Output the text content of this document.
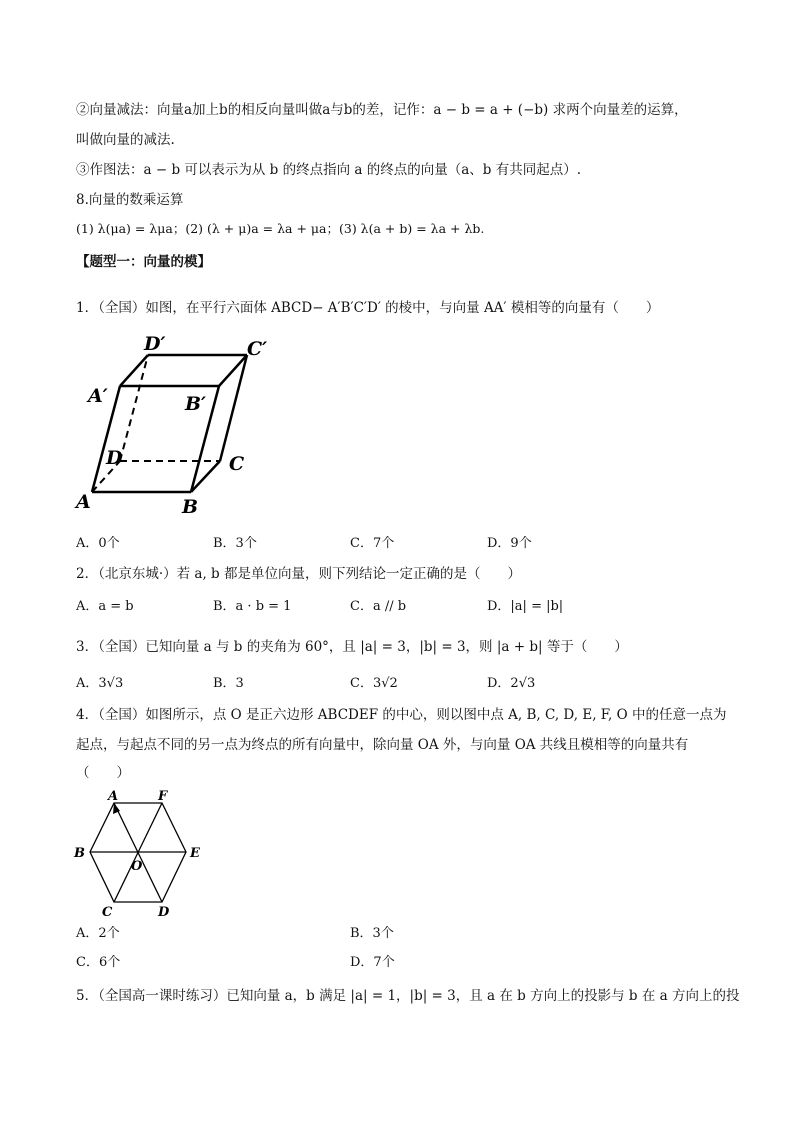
②向量减法：向量a加上b的相反向量叫做a与b的差，记作：a − b = a + (−b) 求两个向量差的运算，
叫做向量的减法.
③作图法：a − b 可以表示为从 b 的终点指向 a 的终点的向量（a、b 有共同起点）.
8.向量的数乘运算
(1) λ(μa) = λμa；(2) (λ + μ)a = λa + μa；(3) λ(a + b) = λa + λb.
【题型一：向量的模】
1．（全国）如图，在平行六面体 ABCD− A′B′C′D′ 的棱中，与向量 AA′ 模相等的向量有（　　）
A	B
C
D
A′	B′
C′
D′
A．0个	B．3个	C．7个	D．9个
2．（北京东城·）若 a, b 都是单位向量，则下列结论一定正确的是（　　）
A．a = b	B．a · b = 1	C．a // b	D．|a| = |b|
3．（全国）已知向量 a 与 b 的夹角为 60°，且 |a| = 3，|b| = 3，则 |a + b| 等于（　　）
A．3√3	B．3	C．3√2	D．2√3
4．（全国）如图所示，点 O 是正六边形 ABCDEF 的中心，则以图中点 A, B, C, D, E, F, O 中的任意一点为
起点，与起点不同的另一点为终点的所有向量中，除向量 OA 外，与向量 OA 共线且模相等的向量共有
（　　）
A	F
E
D
C
B
O
A．2个	B．3个
C．6个	D．7个
5．（全国高一课时练习）已知向量 a，b 满足 |a| = 1，|b| = 3，且 a 在 b 方向上的投影与 b 在 a 方向上的投
